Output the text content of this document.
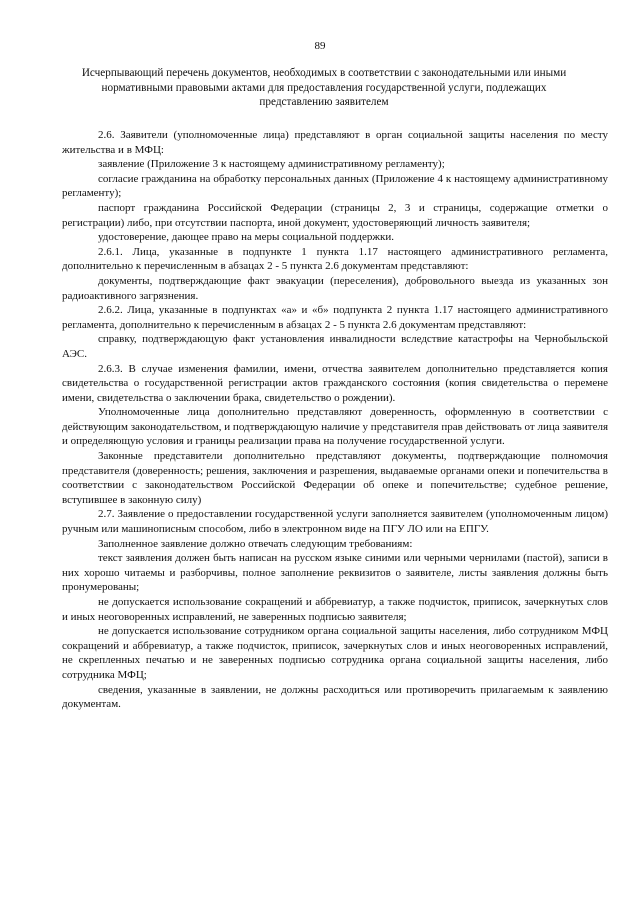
89
Исчерпывающий перечень документов, необходимых в соответствии с законодательными или иными нормативными правовыми актами для предоставления государственной услуги, подлежащих представлению заявителем

2.6. Заявители (уполномоченные лица) представляют в орган социальной защиты населения по месту жительства и в МФЦ:

заявление (Приложение 3 к настоящему административному регламенту);

согласие гражданина на обработку персональных данных (Приложение 4 к настоящему административному регламенту);

паспорт гражданина Российской Федерации (страницы 2, 3 и страницы, содержащие отметки о регистрации) либо, при отсутствии паспорта, иной документ, удостоверяющий личность заявителя;

удостоверение, дающее право на меры социальной поддержки.

2.6.1. Лица, указанные в подпункте 1 пункта 1.17 настоящего административного регламента, дополнительно к перечисленным в абзацах 2 - 5 пункта 2.6 документам представляют:

документы, подтверждающие факт эвакуации (переселения), добровольного выезда из указанных зон радиоактивного загрязнения.

2.6.2. Лица, указанные в подпунктах «а» и «б» подпункта 2 пункта 1.17 настоящего административного регламента, дополнительно к перечисленным в абзацах 2 - 5 пункта 2.6 документам представляют:

справку, подтверждающую факт установления инвалидности вследствие катастрофы на Чернобыльской АЭС.

2.6.3. В случае изменения фамилии, имени, отчества заявителем дополнительно представляется копия свидетельства о государственной регистрации актов гражданского состояния (копия свидетельства о перемене имени, свидетельства о заключении брака, свидетельство о рождении).

Уполномоченные лица дополнительно представляют доверенность, оформленную в соответствии с действующим законодательством, и подтверждающую наличие у представителя прав действовать от лица заявителя и определяющую условия и границы реализации права на получение государственной услуги.

Законные представители дополнительно представляют документы, подтверждающие полномочия представителя (доверенность; решения, заключения и разрешения, выдаваемые органами опеки и попечительства в соответствии с законодательством Российской Федерации об опеке и попечительстве; судебное решение, вступившее в законную силу)

2.7. Заявление о предоставлении государственной услуги заполняется заявителем (уполномоченным лицом) ручным или машинописным способом, либо в электронном виде на ПГУ ЛО или на ЕПГУ.

Заполненное заявление должно отвечать следующим требованиям:

текст заявления должен быть написан на русском языке синими или черными чернилами (пастой), записи в них хорошо читаемы и разборчивы, полное заполнение реквизитов о заявителе, листы заявления должны быть пронумерованы;

не допускается использование сокращений и аббревиатур, а также подчисток, приписок, зачеркнутых слов и иных неоговоренных исправлений, не заверенных подписью заявителя;

не допускается использование сотрудником органа социальной защиты населения, либо сотрудником МФЦ сокращений и аббревиатур, а также подчисток, приписок, зачеркнутых слов и иных неоговоренных исправлений, не скрепленных печатью и не заверенных подписью сотрудника органа социальной защиты населения, либо сотрудника МФЦ;

сведения, указанные в заявлении, не должны расходиться или противоречить прилагаемым к заявлению документам.
